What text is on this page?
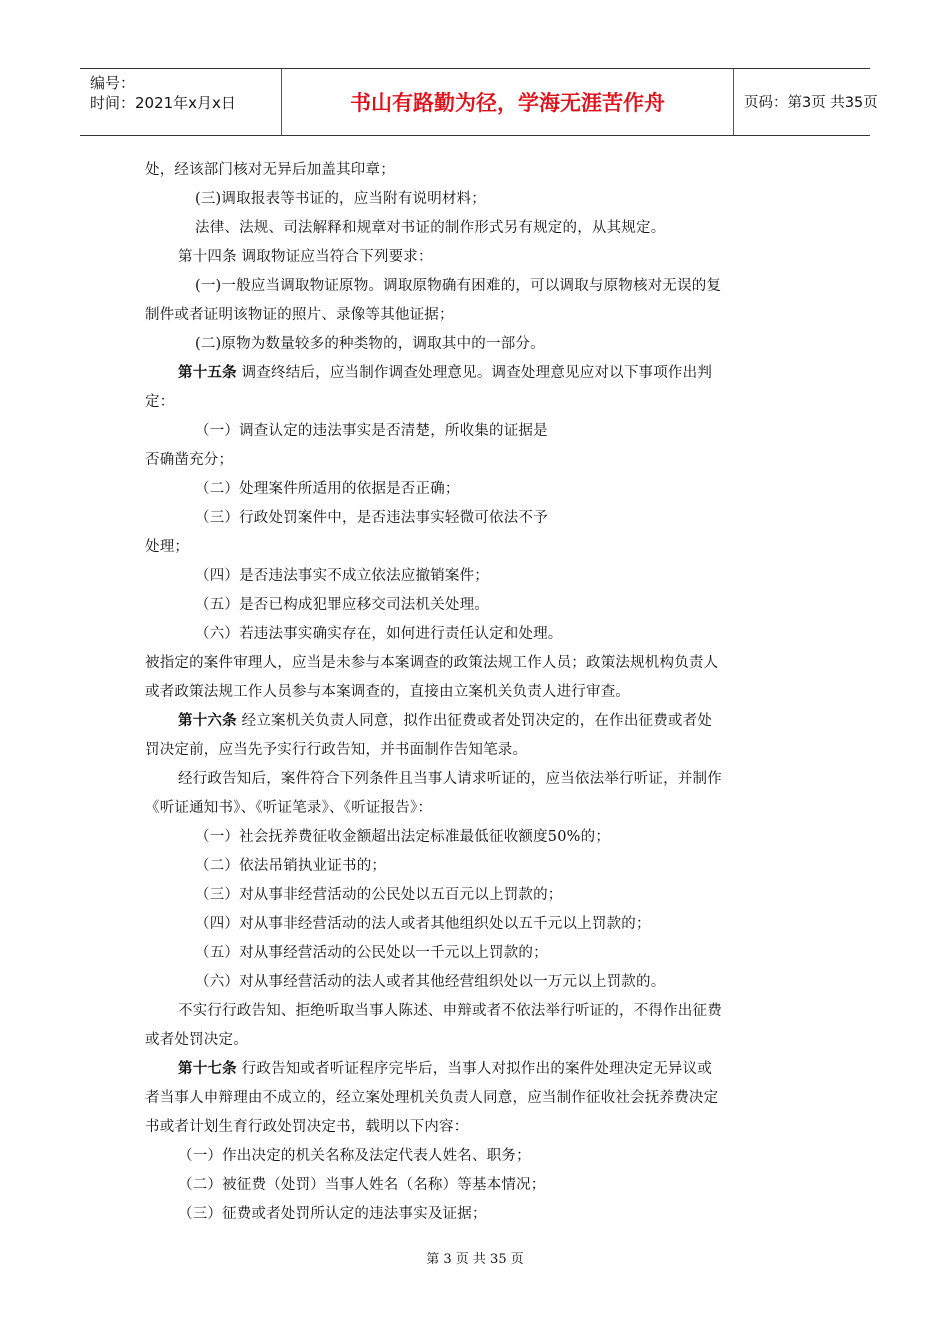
编号：
时间：2021年x月x日	书山有路勤为径，学海无涯苦作舟	页码：第3页 共35页
处，经该部门核对无异后加盖其印章；
(三)调取报表等书证的，应当附有说明材料；
法律、法规、司法解释和规章对书证的制作形式另有规定的，从其规定。
第十四条 调取物证应当符合下列要求：
(一)一般应当调取物证原物。调取原物确有困难的，可以调取与原物核对无误的复
制件或者证明该物证的照片、录像等其他证据；
(二)原物为数量较多的种类物的，调取其中的一部分。
第十五条 调查终结后，应当制作调查处理意见。调查处理意见应对以下事项作出判
定：
（一）调查认定的违法事实是否清楚，所收集的证据是
否确凿充分；
（二）处理案件所适用的依据是否正确；
（三）行政处罚案件中，是否违法事实轻微可依法不予
处理；
（四）是否违法事实不成立依法应撤销案件；
（五）是否已构成犯罪应移交司法机关处理。
（六）若违法事实确实存在，如何进行责任认定和处理。
被指定的案件审理人，应当是未参与本案调查的政策法规工作人员；政策法规机构负责人
或者政策法规工作人员参与本案调查的，直接由立案机关负责人进行审查。
第十六条 经立案机关负责人同意，拟作出征费或者处罚决定的，在作出征费或者处
罚决定前，应当先予实行行政告知，并书面制作告知笔录。
经行政告知后，案件符合下列条件且当事人请求听证的，应当依法举行听证，并制作
《听证通知书》、《听证笔录》、《听证报告》：
（一）社会抚养费征收金额超出法定标准最低征收额度50%的；
（二）依法吊销执业证书的；
（三）对从事非经营活动的公民处以五百元以上罚款的；
（四）对从事非经营活动的法人或者其他组织处以五千元以上罚款的；
（五）对从事经营活动的公民处以一千元以上罚款的；
（六）对从事经营活动的法人或者其他经营组织处以一万元以上罚款的。
不实行行政告知、拒绝听取当事人陈述、申辩或者不依法举行听证的，不得作出征费
或者处罚决定。
第十七条 行政告知或者听证程序完毕后，当事人对拟作出的案件处理决定无异议或
者当事人申辩理由不成立的，经立案处理机关负责人同意，应当制作征收社会抚养费决定
书或者计划生育行政处罚决定书，载明以下内容：
（一）作出决定的机关名称及法定代表人姓名、职务；
（二）被征费（处罚）当事人姓名（名称）等基本情况；
（三）征费或者处罚所认定的违法事实及证据；
第 3 页 共 35 页
